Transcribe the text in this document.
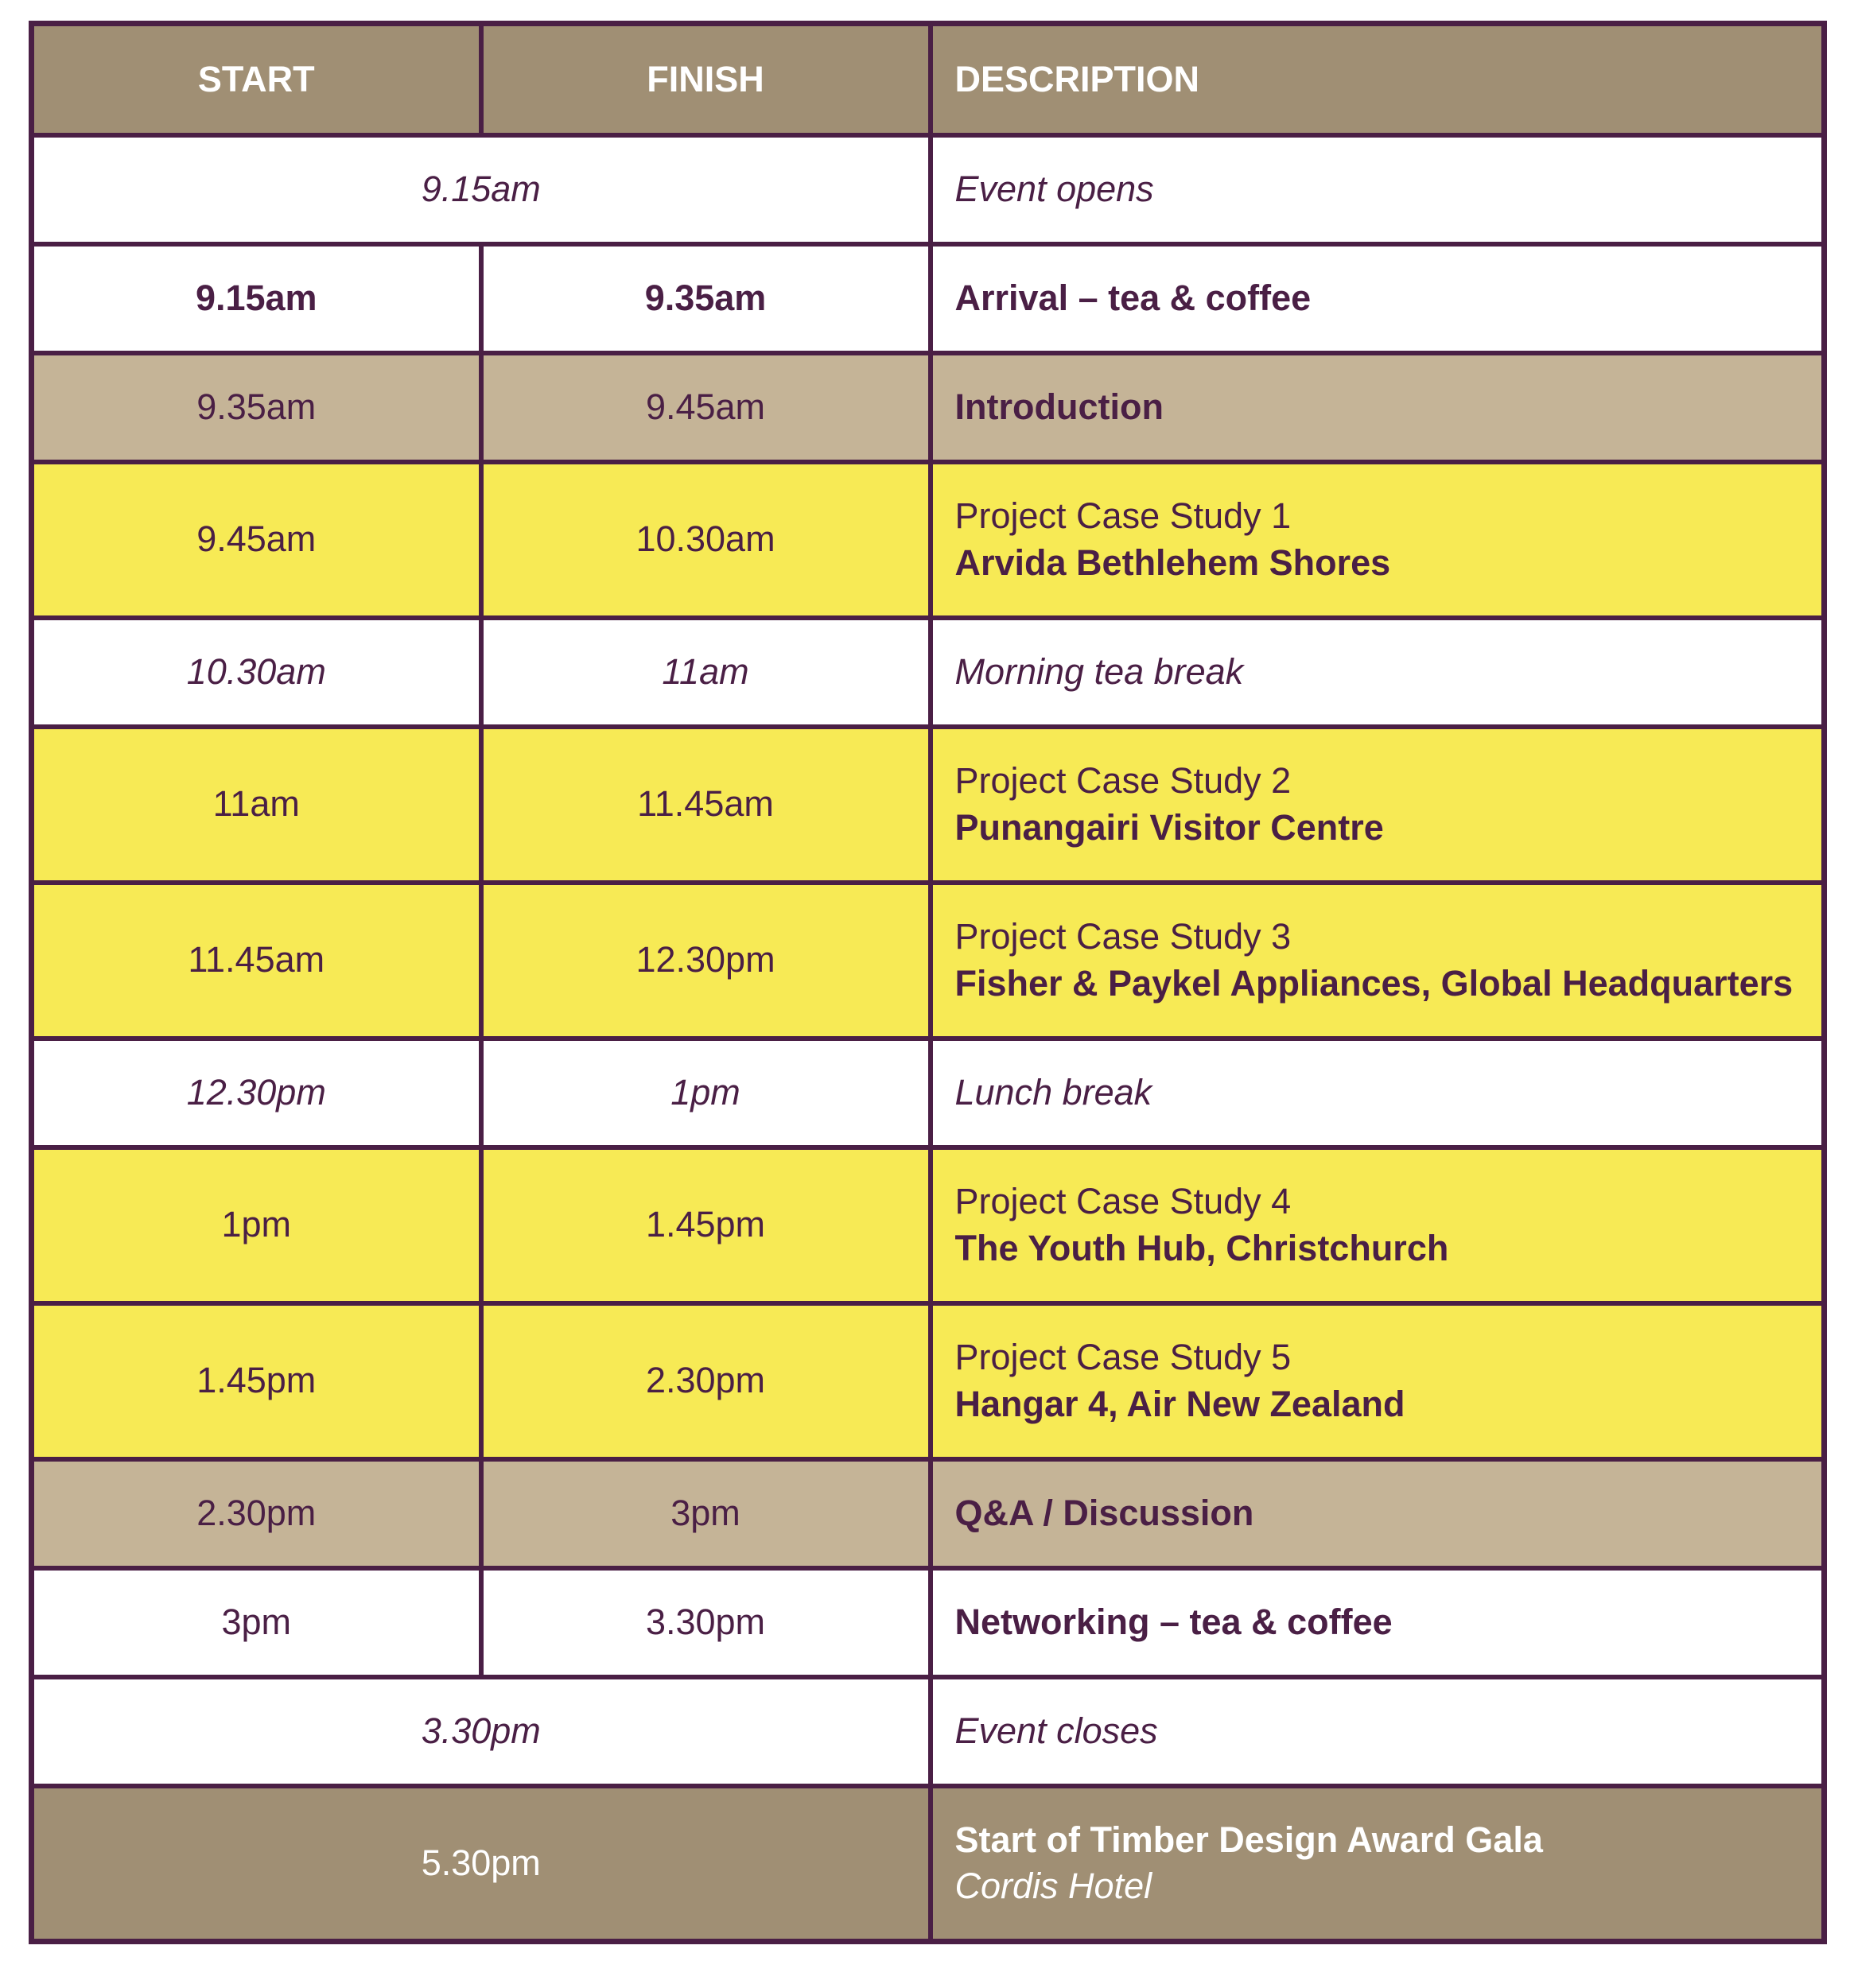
START	FINISH	DESCRIPTION
9.15am		Event opens
9.15am	9.35am	Arrival – tea & coffee
9.35am	9.45am	Introduction
9.45am	10.30am	Project Case Study 1
Arvida Bethlehem Shores

10.30am	11am	Morning tea break
11am	11.45am	Project Case Study 2
Punangairi Visitor Centre

11.45am	12.30pm	Project Case Study 3
Fisher & Paykel Appliances, Global Headquarters

12.30pm	1pm	Lunch break
1pm	1.45pm	Project Case Study 4
The Youth Hub, Christchurch

1.45pm	2.30pm	Project Case Study 5
Hangar 4, Air New Zealand

2.30pm	3pm	Q&A / Discussion
3pm	3.30pm	Networking – tea & coffee
3.30pm		Event closes
5.30pm		Start of Timber Design Award Gala
Cordis Hotel
